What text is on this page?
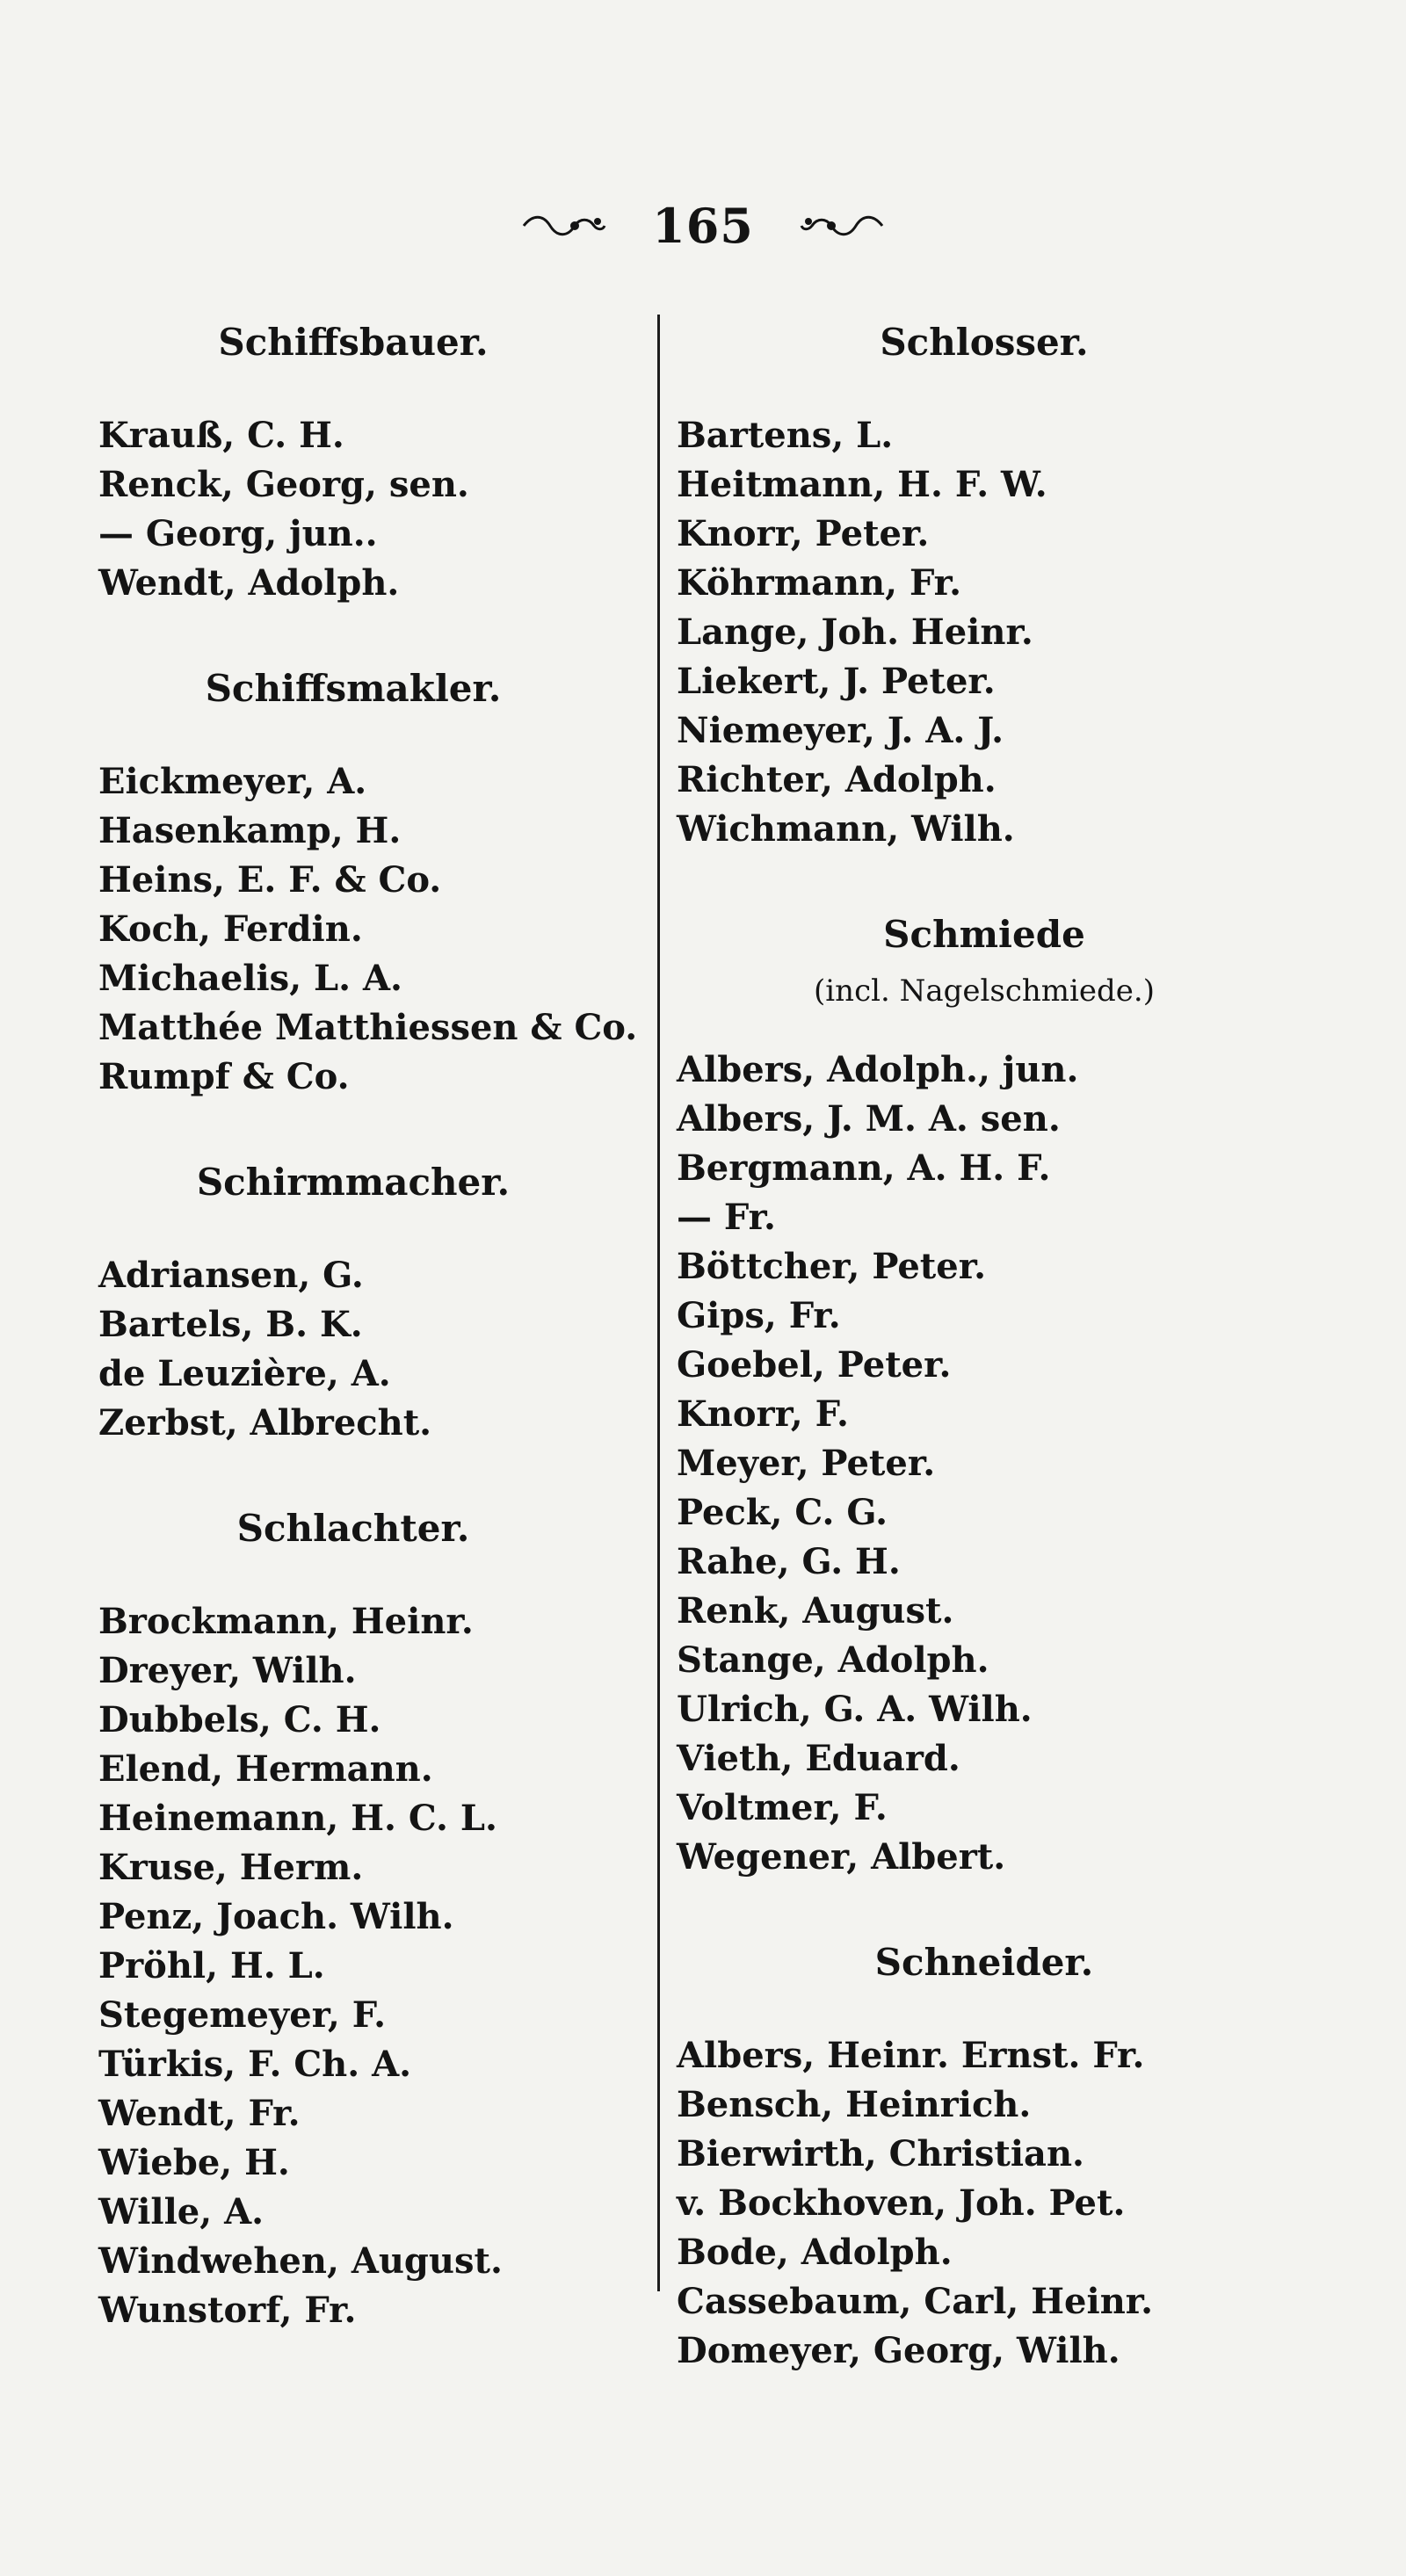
165
Schiffsbauer.
Krauß, C. H.
Renck, Georg, sen.
— Georg, jun..
Wendt, Adolph.
Schiffsmakler.
Eickmeyer, A.
Hasenkamp, H.
Heins, E. F. & Co.
Koch, Ferdin.
Michaelis, L. A.
Matthée Matthiessen & Co.
Rumpf & Co.
Schirmmacher.
Adriansen, G.
Bartels, B. K.
de Leuzière, A.
Zerbst, Albrecht.
Schlachter.
Brockmann, Heinr.
Dreyer, Wilh.
Dubbels, C. H.
Elend, Hermann.
Heinemann, H. C. L.
Kruse, Herm.
Penz, Joach. Wilh.
Pröhl, H. L.
Stegemeyer, F.
Türkis, F. Ch. A.
Wendt, Fr.
Wiebe, H.
Wille, A.
Windwehen, August.
Wunstorf, Fr.
Schlosser.
Bartens, L.
Heitmann, H. F. W.
Knorr, Peter.
Köhrmann, Fr.
Lange, Joh. Heinr.
Liekert, J. Peter.
Niemeyer, J. A. J.
Richter, Adolph.
Wichmann, Wilh.
Schmiede
(incl. Nagelschmiede.)
Albers, Adolph., jun.
Albers, J. M. A. sen.
Bergmann, A. H. F.
— Fr.
Böttcher, Peter.
Gips, Fr.
Goebel, Peter.
Knorr, F.
Meyer, Peter.
Peck, C. G.
Rahe, G. H.
Renk, August.
Stange, Adolph.
Ulrich, G. A. Wilh.
Vieth, Eduard.
Voltmer, F.
Wegener, Albert.
Schneider.
Albers, Heinr. Ernst. Fr.
Bensch, Heinrich.
Bierwirth, Christian.
v. Bockhoven, Joh. Pet.
Bode, Adolph.
Cassebaum, Carl, Heinr.
Domeyer, Georg, Wilh.
